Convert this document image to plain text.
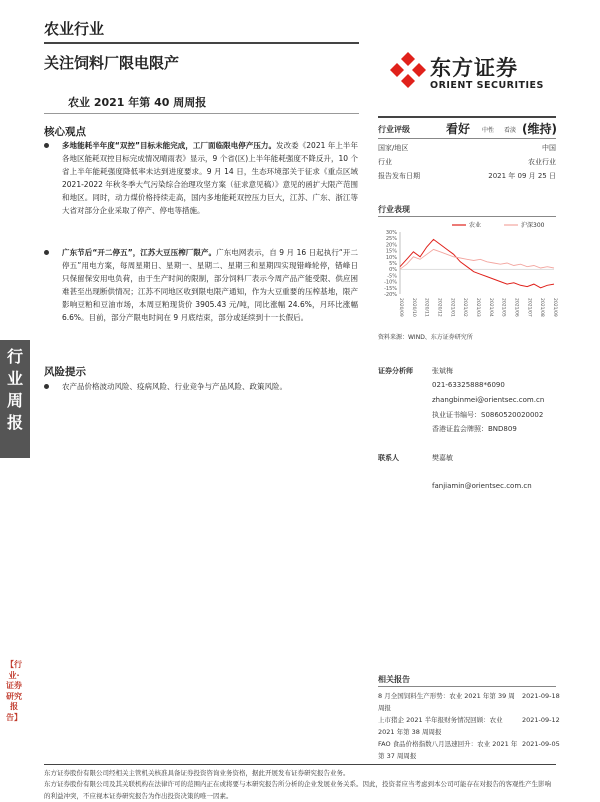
农业行业
关注饲料厂限电限产
农业 2021 年第 40 周周报
东方证券
ORIENT SECURITIES
核心观点
多地能耗半年度“双控”目标未能完成，工厂面临限电停产压力。发改委《2021 年上半年各地区能耗双控目标完成情况晴雨表》显示，9 个省(区)上半年能耗强度不降反升，10 个省上半年能耗强度降低率未达到进度要求。9 月 14 日，生态环境部关于征求《重点区域 2021-2022 年秋冬季大气污染综合治理攻坚方案（征求意见稿）》意见的函扩大限产范围和地区。同时，动力煤价格持续走高，国内多地能耗双控压力巨大，江苏、广东、浙江等大省对部分企业采取了停产、停电等措施。
广东节后“开二停五”，江苏大豆压榨厂限产。广东电网表示，自 9 月 16 日起执行“开二停五”用电方案，每周星期日、星期一、星期二、星期三和星期四实现错峰轮停，错峰日只保留保安用电负荷，由于生产时间的限制，部分饲料厂表示今周产品产能受限、供应困难甚至出现断供情况；江苏不同地区收到限电限产通知，作为大豆重要的压榨基地，限产影响豆粕和豆油市场，本周豆粕现货价 3905.43 元/吨，同比涨幅 24.6%，月环比涨幅 6.6%。目前，部分产限电时间在 9 月底结束，部分或延续到十一长假后。
风险提示
农产品价格波动风险、疫病风险、行业竞争与产品风险、政策风险。
行业周报
【行业·证券研究报告】
行业评级	看好 中性 看淡 (维持)
国家/地区	中国
行业	农业行业
报告发布日期	2021 年 09 月 25 日
行业表现
30%
25%
20%
15%
10%
5%
0%
-5%
-10%
-15%
-20%
2020/09 2020/10 2020/11 2020/12 2021/01 2021/02 2021/03 2021/04 2021/05 2021/06 2021/07 2021/08 2021/09
农业	沪深300
资料来源：WIND、东方证券研究所
证券分析师	张斌梅
021-63325888*6090
zhangbinmei@orientsec.com.cn
执业证书编号：S0860520020002
香港证监会牌照：BND809
联系人	樊嘉敏
fanjiamin@orientsec.com.cn
相关报告
8 月全国饲料生产形势：农业 2021 年第 39 周周报
2021-09-18
上市猪企 2021 半年报财务情况回顾：农业 2021 年第 38 周周报
2021-09-12
FAO 食品价格指数八月迅速回升：农业 2021 年第 37 周周报
2021-09-05
东方证券股份有限公司经相关主管机关核准具备证券投资咨询业务资格，据此开展发布证券研究报告业务。
东方证券股份有限公司及其关联机构在法律许可的范围内正在或将要与本研究报告所分析的企业发展业务关系。因此，投资者应当考虑到本公司可能存在对报告的客观性产生影响的利益冲突，不应视本证券研究报告为作出投资决策的唯一因素。
